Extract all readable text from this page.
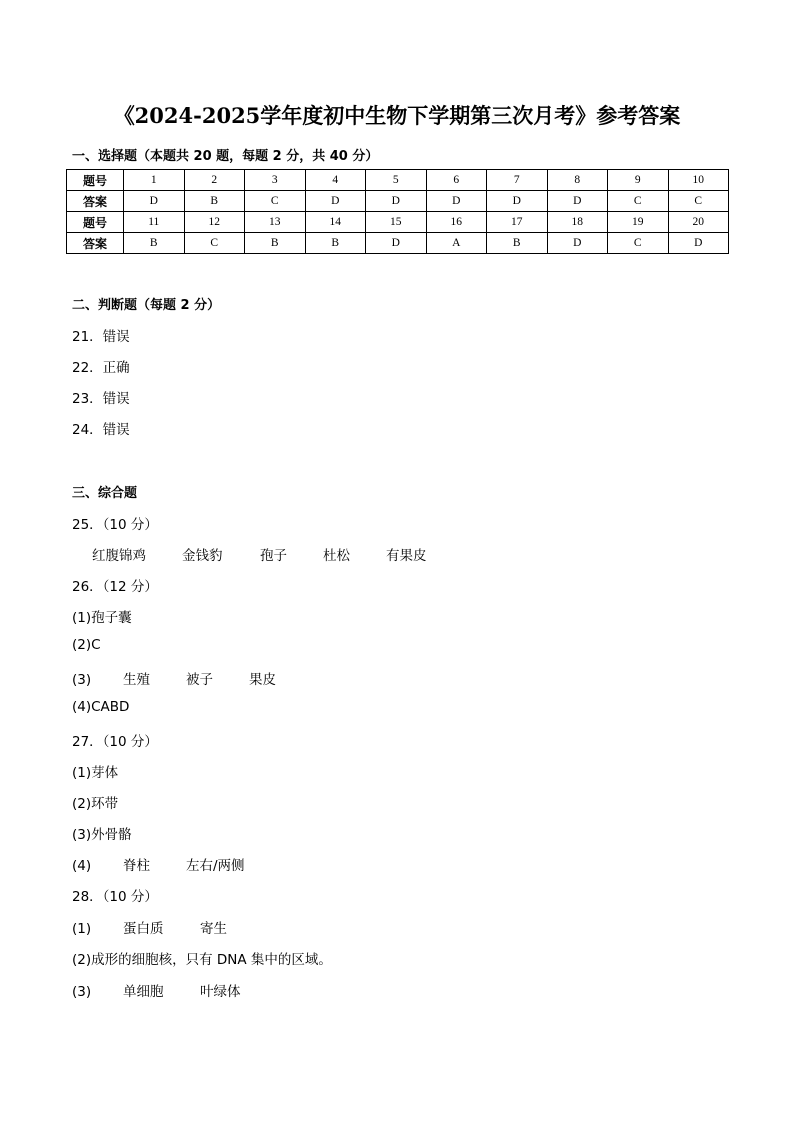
《2024-2025学年度初中生物下学期第三次月考》参考答案
一、选择题（本题共 20 题，每题 2 分，共 40 分）
题号	1	2	3	4	5	6	7	8	9	10
答案	D	B	C	D	D	D	D	D	C	C
题号	11	12	13	14	15	16	17	18	19	20
答案	B	C	B	B	D	A	B	D	C	D
二、判断题（每题 2 分）
21．错误
22．正确
23．错误
24．错误
三、综合题
25．（10 分）
红腹锦鸡	金钱豹	孢子	杜松	有果皮
26．（12 分）
(1)孢子囊
(2)C
(3) 生殖	被子	果皮
(4)CABD
27．（10 分）
(1)芽体
(2)环带
(3)外骨骼
(4) 脊柱	左右/两侧
28．（10 分）
(1) 蛋白质	寄生
(2)成形的细胞核，只有 DNA 集中的区域。
(3) 单细胞	叶绿体
